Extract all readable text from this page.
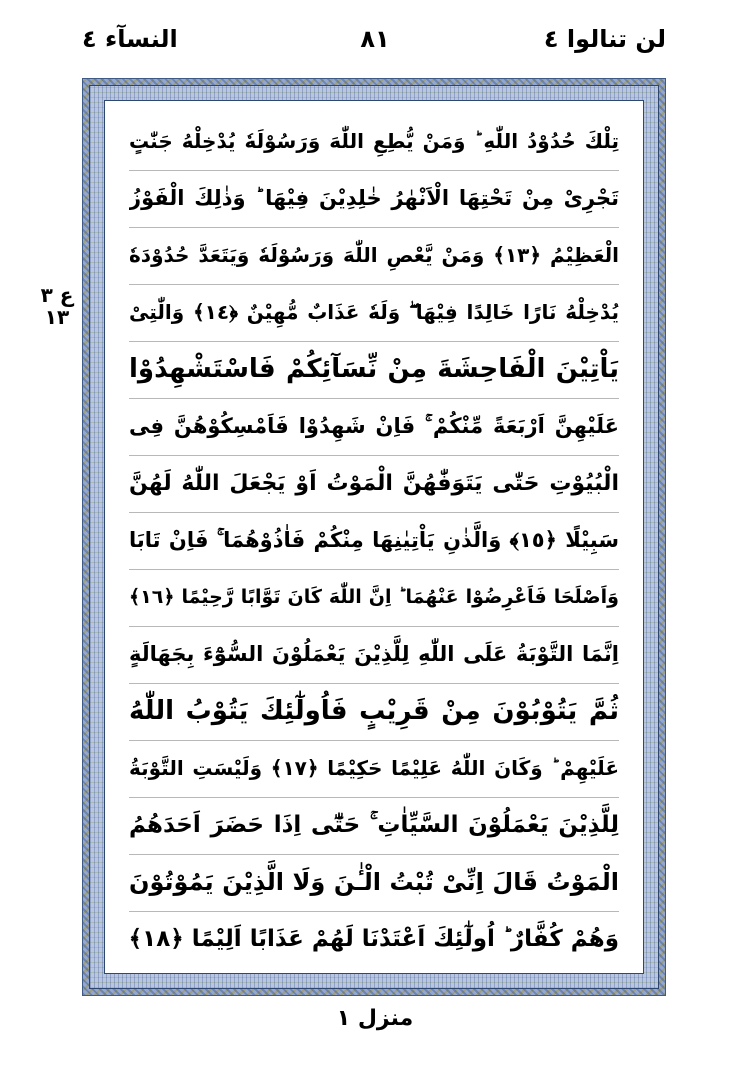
النسآء ٤	٨١	لن تنالوا ٤
ع ٣
١٣
تِلْكَ حُدُوْدُ اللّٰهِ ؕ وَمَنْ يُّطِعِ اللّٰهَ وَرَسُوْلَهٗ يُدْخِلْهُ جَنّٰتٍ
تَجْرِىْ مِنْ تَحْتِهَا الْاَنْهٰرُ خٰلِدِيْنَ فِيْهَا ؕ وَذٰلِكَ الْفَوْزُ
الْعَظِيْمُ ﴿١٣﴾ وَمَنْ يَّعْصِ اللّٰهَ وَرَسُوْلَهٗ وَيَتَعَدَّ حُدُوْدَهٗ
يُدْخِلْهُ نَارًا خَالِدًا فِيْهَا ۖ وَلَهٗ عَذَابٌ مُّهِيْنٌ ﴿١٤﴾ وَالّٰتِىْ
يَاْتِيْنَ الْفَاحِشَةَ مِنْ نِّسَآئِكُمْ فَاسْتَشْهِدُوْا
عَلَيْهِنَّ اَرْبَعَةً مِّنْكُمْ ۚ فَاِنْ شَهِدُوْا فَاَمْسِكُوْهُنَّ فِى
الْبُيُوْتِ حَتّٰى يَتَوَفّٰهُنَّ الْمَوْتُ اَوْ يَجْعَلَ اللّٰهُ لَهُنَّ
سَبِيْلًا ﴿١٥﴾ وَالَّذٰنِ يَاْتِيٰنِهَا مِنْكُمْ فَاٰذُوْهُمَا ۚ فَاِنْ تَابَا
وَاَصْلَحَا فَاَعْرِضُوْا عَنْهُمَا ؕ اِنَّ اللّٰهَ كَانَ تَوَّابًا رَّحِيْمًا ﴿١٦﴾
اِنَّمَا التَّوْبَةُ عَلَى اللّٰهِ لِلَّذِيْنَ يَعْمَلُوْنَ السُّوْٓءَ بِجَهَالَةٍ
ثُمَّ يَتُوْبُوْنَ مِنْ قَرِيْبٍ فَاُولٰٓئِكَ يَتُوْبُ اللّٰهُ
عَلَيْهِمْ ؕ وَكَانَ اللّٰهُ عَلِيْمًا حَكِيْمًا ﴿١٧﴾ وَلَيْسَتِ التَّوْبَةُ
لِلَّذِيْنَ يَعْمَلُوْنَ السَّيِّاٰتِ ۚ حَتّٰٓى اِذَا حَضَرَ اَحَدَهُمُ
الْمَوْتُ قَالَ اِنِّىْ تُبْتُ الْـٰٔنَ وَلَا الَّذِيْنَ يَمُوْتُوْنَ
وَهُمْ كُفَّارٌ ؕ اُولٰٓئِكَ اَعْتَدْنَا لَهُمْ عَذَابًا اَلِيْمًا ﴿١٨﴾
منزل ١
